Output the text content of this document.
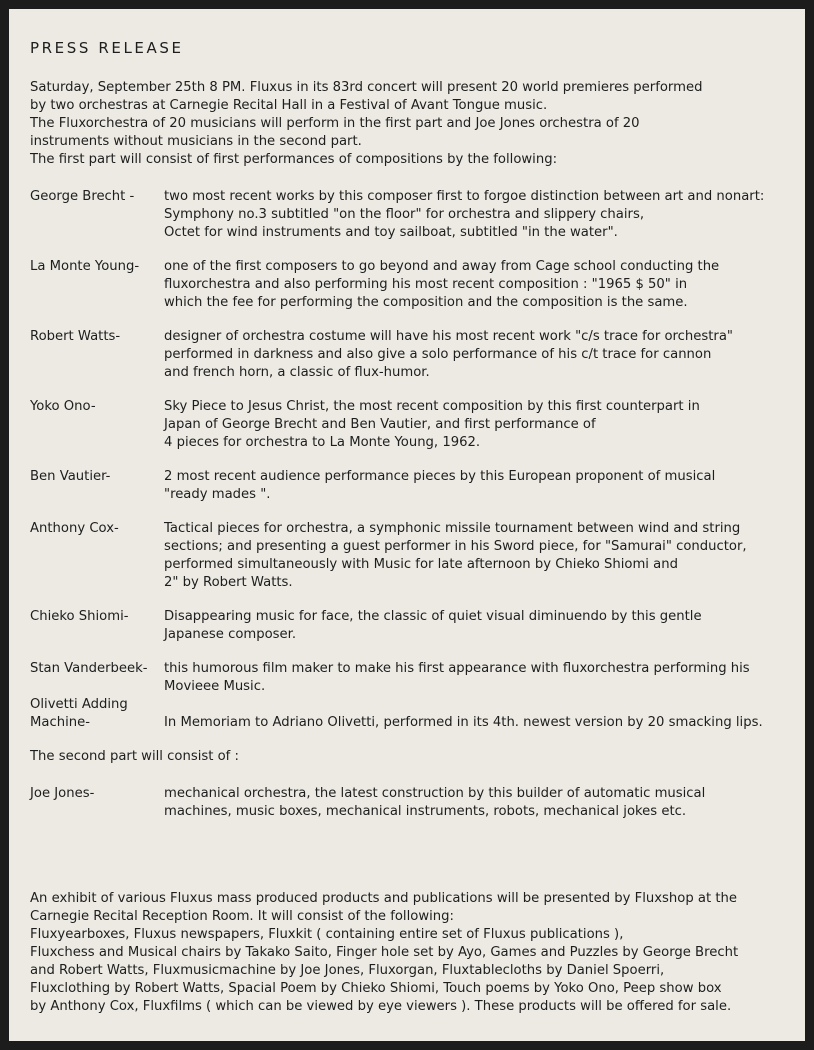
PRESS RELEASE

Saturday, September 25th 8 PM. Fluxus in its 83rd concert will present 20 world premieres performed

by two orchestras at Carnegie Recital Hall in a Festival of Avant Tongue music.

The Fluxorchestra of 20 musicians will perform in the first part and Joe Jones orchestra of 20

instruments without musicians in the second part.

The first part will consist of first performances of compositions by the following:

George Brecht -	two most recent works by this composer first to forgoe distinction between art and nonart:
Symphony no.3 subtitled "on the floor" for orchestra and slippery chairs,
Octet for wind instruments and toy sailboat, subtitled "in the water".
La Monte Young-	one of the first composers to go beyond and away from Cage school conducting the
fluxorchestra and also performing his most recent composition : "1965 $ 50" in
which the fee for performing the composition and the composition is the same.
Robert Watts-	designer of orchestra costume will have his most recent work "c/s trace for orchestra"
performed in darkness and also give a solo performance of his c/t trace for cannon
and french horn, a classic of flux-humor.
Yoko Ono-	Sky Piece to Jesus Christ, the most recent composition by this first counterpart in
Japan of George Brecht and Ben Vautier, and first performance of
4 pieces for orchestra to La Monte Young, 1962.
Ben Vautier-	2 most recent audience performance pieces by this European proponent of musical
"ready mades ".
Anthony Cox-	Tactical pieces for orchestra, a symphonic missile tournament between wind and string
sections; and presenting a guest performer in his Sword piece, for "Samurai" conductor,
performed simultaneously with Music for late afternoon by Chieko Shiomi and
2" by Robert Watts.
Chieko Shiomi-	Disappearing music for face, the classic of quiet visual diminuendo by this gentle
Japanese composer.
Stan Vanderbeek-	this humorous film maker to make his first appearance with fluxorchestra performing his
Movieee Music.
Olivetti Adding
Machine-	In Memoriam to Adriano Olivetti, performed in its 4th. newest version by 20 smacking lips.

The second part will consist of :

Joe Jones-	mechanical orchestra, the latest construction by this builder of automatic musical
machines, music boxes, mechanical instruments, robots, mechanical jokes etc.
An exhibit of various Fluxus mass produced products and publications will be presented by Fluxshop at the
Carnegie Recital Reception Room. It will consist of the following:
Fluxyearboxes, Fluxus newspapers, Fluxkit ( containing entire set of Fluxus publications ),
Fluxchess and Musical chairs by Takako Saito, Finger hole set by Ayo, Games and Puzzles by George Brecht
and Robert Watts, Fluxmusicmachine by Joe Jones, Fluxorgan, Fluxtablecloths by Daniel Spoerri,
Fluxclothing by Robert Watts, Spacial Poem by Chieko Shiomi, Touch poems by Yoko Ono, Peep show box
by Anthony Cox, Fluxfilms ( which can be viewed by eye viewers ). These products will be offered for sale.
